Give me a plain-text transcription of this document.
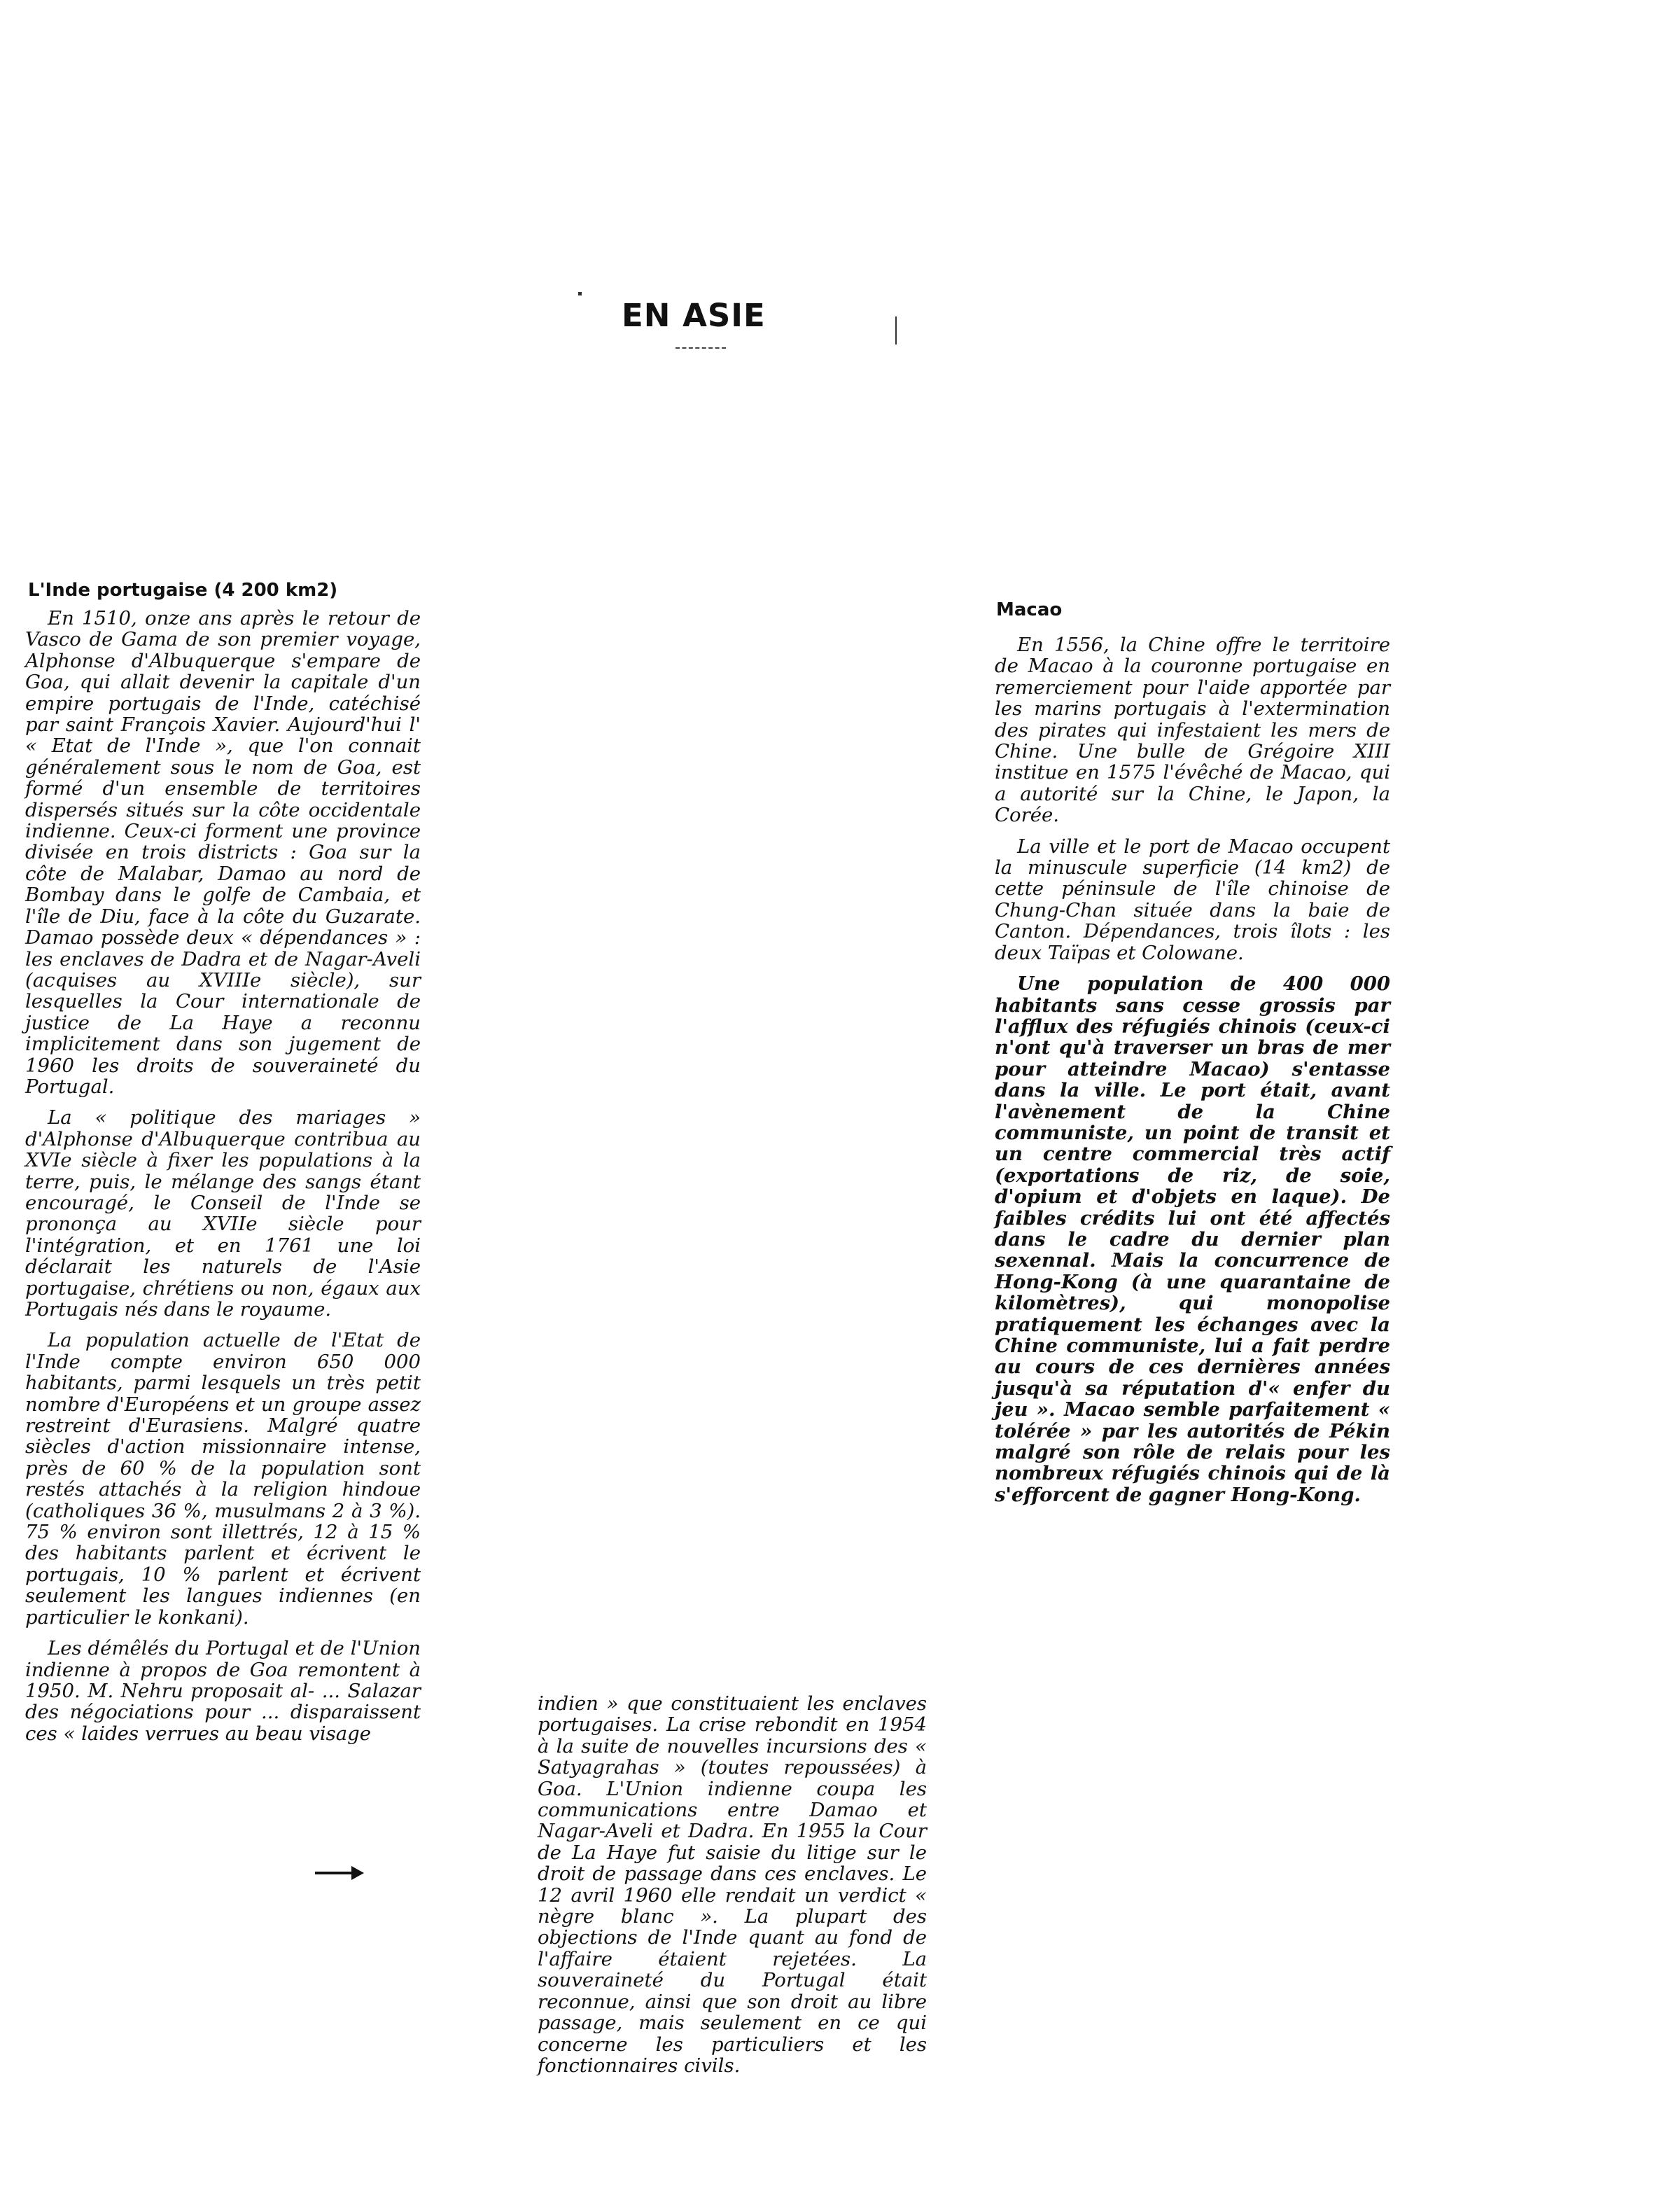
EN ASIE
L'Inde portugaise (4 200 km2)

En 1510, onze ans après le retour de Vasco de Gama de son premier voyage, Alphonse d'Albuquerque s'empare de Goa, qui allait devenir la capitale d'un empire portugais de l'Inde, catéchisé par saint François Xavier. Aujourd'hui l' « Etat de l'Inde », que l'on connait généralement sous le nom de Goa, est formé d'un ensemble de territoires dispersés situés sur la côte occidentale indienne. Ceux-ci forment une province divisée en trois districts : Goa sur la côte de Malabar, Damao au nord de Bombay dans le golfe de Cambaia, et l'île de Diu, face à la côte du Guzarate. Damao possède deux « dépendances » : les enclaves de Dadra et de Nagar-Aveli (acquises au XVIIIe siècle), sur lesquelles la Cour internationale de justice de La Haye a reconnu implicitement dans son jugement de 1960 les droits de souveraineté du Portugal.

La « politique des mariages » d'Alphonse d'Albuquerque contribua au XVIe siècle à fixer les populations à la terre, puis, le mélange des sangs étant encouragé, le Conseil de l'Inde se prononça au XVIIe siècle pour l'intégration, et en 1761 une loi déclarait les naturels de l'Asie portugaise, chrétiens ou non, égaux aux Portugais nés dans le royaume.

La population actuelle de l'Etat de l'Inde compte environ 650 000 habitants, parmi lesquels un très petit nombre d'Européens et un groupe assez restreint d'Eurasiens. Malgré quatre siècles d'action missionnaire intense, près de 60 % de la population sont restés attachés à la religion hindoue (catholiques 36 %, musulmans 2 à 3 %). 75 % environ sont illettrés, 12 à 15 % des habitants parlent et écrivent le portugais, 10 % parlent et écrivent seulement les langues indiennes (en particulier le konkani).

Les démêlés du Portugal et de l'Union indienne à propos de Goa remontent à 1950. M. Nehru proposait al- ... Salazar des négociations pour ... disparaissent ces « laides verrues au beau visage

indien » que constituaient les enclaves portugaises. La crise rebondit en 1954 à la suite de nouvelles incursions des « Satyagrahas » (toutes repoussées) à Goa. L'Union indienne coupa les communications entre Damao et Nagar-Aveli et Dadra. En 1955 la Cour de La Haye fut saisie du litige sur le droit de passage dans ces enclaves. Le 12 avril 1960 elle rendait un verdict « nègre blanc ». La plupart des objections de l'Inde quant au fond de l'affaire étaient rejetées. La souveraineté du Portugal était reconnue, ainsi que son droit au libre passage, mais seulement en ce qui concerne les particuliers et les fonctionnaires civils.

Macao

En 1556, la Chine offre le territoire de Macao à la couronne portugaise en remerciement pour l'aide apportée par les marins portugais à l'extermination des pirates qui infestaient les mers de Chine. Une bulle de Grégoire XIII institue en 1575 l'évêché de Macao, qui a autorité sur la Chine, le Japon, la Corée.

La ville et le port de Macao occupent la minuscule superficie (14 km2) de cette péninsule de l'île chinoise de Chung-Chan située dans la baie de Canton. Dépendances, trois îlots : les deux Taïpas et Colowane.

Une population de 400 000 habitants sans cesse grossis par l'afflux des réfugiés chinois (ceux-ci n'ont qu'à traverser un bras de mer pour atteindre Macao) s'entasse dans la ville. Le port était, avant l'avènement de la Chine communiste, un point de transit et un centre commercial très actif (exportations de riz, de soie, d'opium et d'objets en laque). De faibles crédits lui ont été affectés dans le cadre du dernier plan sexennal. Mais la concurrence de Hong-Kong (à une quarantaine de kilomètres), qui monopolise pratiquement les échanges avec la Chine communiste, lui a fait perdre au cours de ces dernières années jusqu'à sa réputation d'« enfer du jeu ». Macao semble parfaitement « tolérée » par les autorités de Pékin malgré son rôle de relais pour les nombreux réfugiés chinois qui de là s'efforcent de gagner Hong-Kong.
